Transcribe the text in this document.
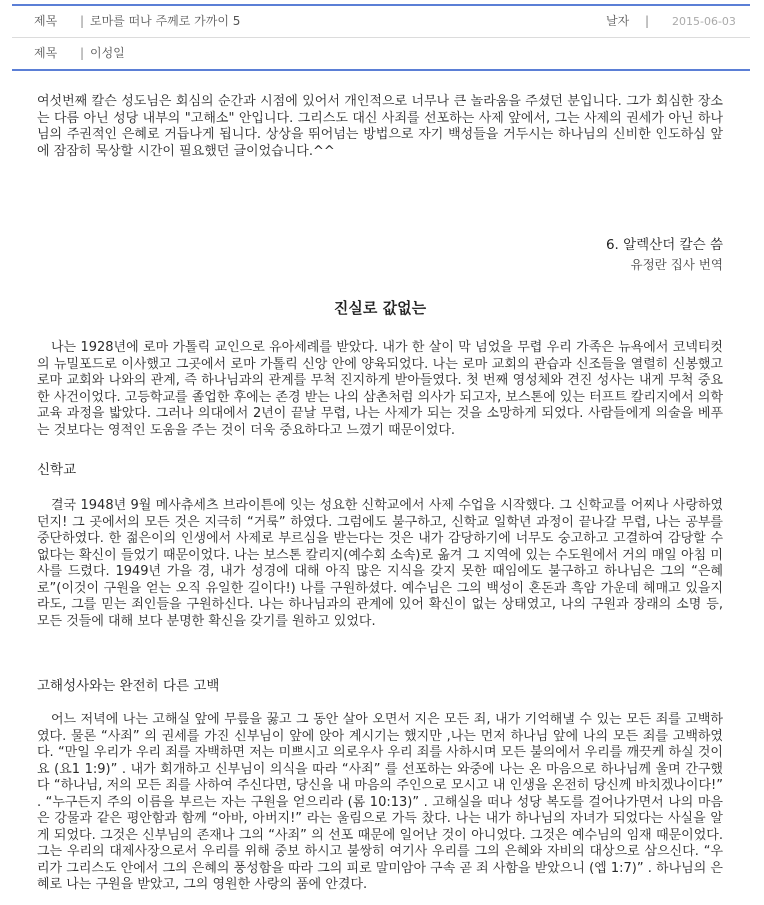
제목 | 로마를 떠나 주께로 가까이 5	날자 | 2015-06-03
제목 | 이성일

여섯번째 칼슨 성도님은 회심의 순간과 시점에 있어서 개인적으로 너무나 큰 놀라움을 주셨던 분입니다. 그가 회심한 장소는 다름 아닌 성당 내부의 "고해소" 안입니다. 그리스도 대신 사죄를 선포하는 사제 앞에서, 그는 사제의 권세가 아닌 하나님의 주권적인 은혜로 거듭나게 됩니다. 상상을 뛰어넘는 방법으로 자기 백성들을 거두시는 하나님의 신비한 인도하심 앞에 잠잠히 묵상할 시간이 필요했던 글이었습니다.^^

6. 알렉산더 칼슨 씀
유정란 집사 번역
진실로 값없는

나는 1928년에 로마 가톨릭 교인으로 유아세례를 받았다. 내가 한 살이 막 넘었을 무렵 우리 가족은 뉴욕에서 코넥티컷의 뉴밀포드로 이사했고 그곳에서 로마 가톨릭 신앙 안에 양육되었다. 나는 로마 교회의 관습과 신조들을 열렬히 신봉했고 로마 교회와 나와의 관계, 즉 하나님과의 관계를 무척 진지하게 받아들였다. 첫 번째 영성체와 견진 성사는 내게 무척 중요한 사건이었다. 고등학교를 졸업한 후에는 존경 받는 나의 삼촌처럼 의사가 되고자, 보스톤에 있는 터프트 칼리지에서 의학 교육 과정을 밟았다. 그러나 의대에서 2년이 끝날 무렵, 나는 사제가 되는 것을 소망하게 되었다. 사람들에게 의술을 베푸는 것보다는 영적인 도움을 주는 것이 더욱 중요하다고 느꼈기 때문이었다.

신학교

결국 1948년 9월 메사츄세츠 브라이튼에 잇는 성요한 신학교에서 사제 수업을 시작했다. 그 신학교를 어찌나 사랑하였던지! 그 곳에서의 모든 것은 지극히 “거룩” 하였다. 그럼에도 불구하고, 신학교 일학년 과정이 끝나갈 무렵, 나는 공부를 중단하였다. 한 젊은이의 인생에서 사제로 부르심을 받는다는 것은 내가 감당하기에 너무도 숭고하고 고결하여 감당할 수 없다는 확신이 들었기 때문이었다. 나는 보스톤 칼리지(예수회 소속)로 옮겨 그 지역에 있는 수도원에서 거의 매일 아침 미사를 드렸다. 1949년 가을 경, 내가 성경에 대해 아직 많은 지식을 갖지 못한 때임에도 불구하고 하나님은 그의 “은혜로”(이것이 구원을 얻는 오직 유일한 길이다!) 나를 구원하셨다. 예수님은 그의 백성이 혼돈과 흑암 가운데 헤매고 있을지라도, 그를 믿는 죄인들을 구원하신다. 나는 하나님과의 관계에 있어 확신이 없는 상태였고, 나의 구원과 장래의 소명 등, 모든 것들에 대해 보다 분명한 확신을 갖기를 원하고 있었다.

고해성사와는 완전히 다른 고백

어느 저녁에 나는 고해실 앞에 무릎을 꿇고 그 동안 살아 오면서 지은 모든 죄, 내가 기억해낼 수 있는 모든 죄를 고백하였다. 물론 “사죄” 의 권세를 가진 신부님이 앞에 앉아 계시기는 했지만 ,나는 먼저 하나님 앞에 나의 모든 죄를 고백하였다. “만일 우리가 우리 죄를 자백하면 저는 미쁘시고 의로우사 우리 죄를 사하시며 모든 불의에서 우리를 깨끗케 하실 것이요 (요1 1:9)” . 내가 회개하고 신부님이 의식을 따라 “사죄” 를 선포하는 와중에 나는 온 마음으로 하나님께 울며 간구했다 “하나님, 저의 모든 죄를 사하여 주신다면, 당신을 내 마음의 주인으로 모시고 내 인생을 온전히 당신께 바치겠나이다!” . “누구든지 주의 이름을 부르는 자는 구원을 얻으리라 (롬 10:13)” . 고해실을 떠나 성당 복도를 걸어나가면서 나의 마음은 강물과 같은 평안함과 함께 “아바, 아버지!” 라는 울림으로 가득 찼다. 나는 내가 하나님의 자녀가 되었다는 사실을 알게 되었다. 그것은 신부님의 존재나 그의 “사죄” 의 선포 때문에 일어난 것이 아니었다. 그것은 예수님의 임재 때문이었다. 그는 우리의 대제사장으로서 우리를 위해 중보 하시고 불쌍히 여기사 우리를 그의 은혜와 자비의 대상으로 삼으신다. “우리가 그리스도 안에서 그의 은혜의 풍성함을 따라 그의 피로 말미암아 구속 곧 죄 사함을 받았으니 (엡 1:7)” . 하나님의 은혜로 나는 구원을 받았고, 그의 영원한 사랑의 품에 안겼다.
